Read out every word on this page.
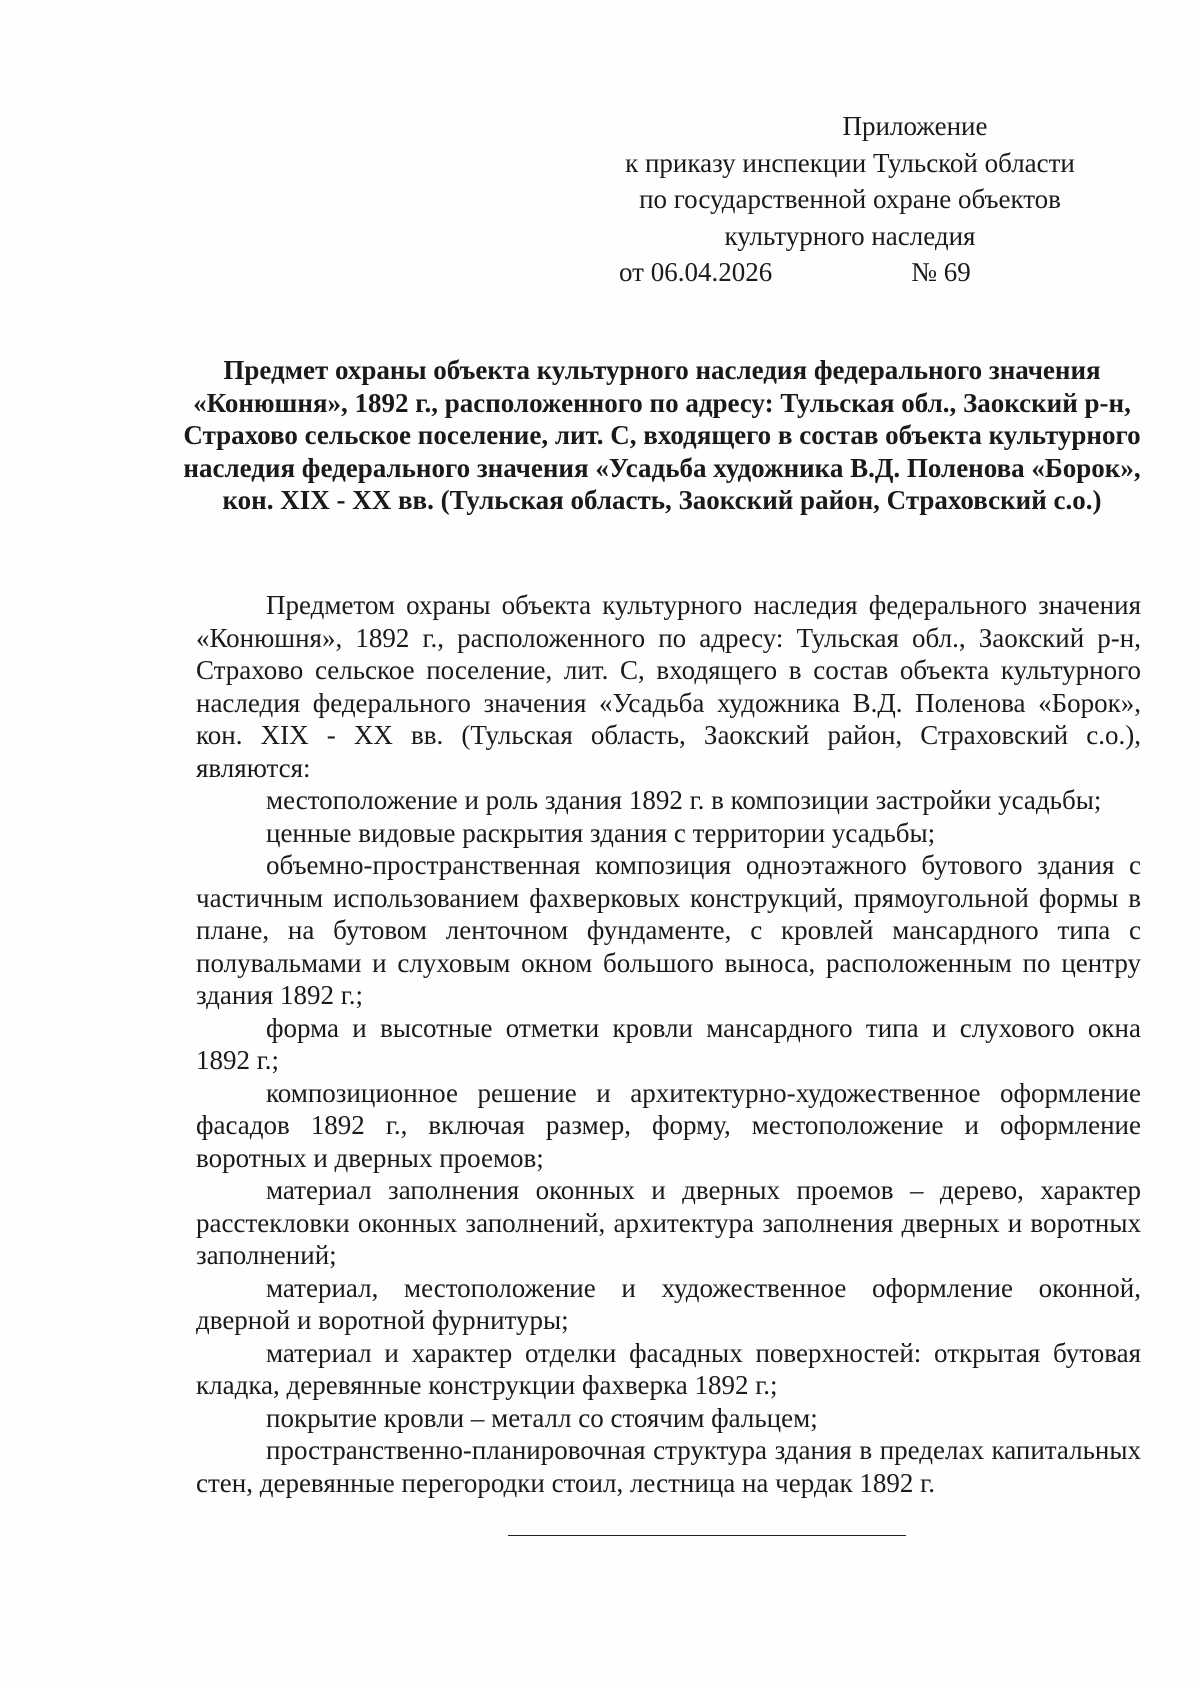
Приложение
к приказу инспекции Тульской области
по государственной охране объектов
культурного наследия
от 06.04.2026	№ 69
Предмет охраны объекта культурного наследия федерального значения «Конюшня», 1892 г., расположенного по адресу: Тульская обл., Заокский р-н, Страхово сельское поселение, лит. С, входящего в состав объекта культурного наследия федерального значения «Усадьба художника В.Д. Поленова «Борок», кон. XIX - XX вв. (Тульская область, Заокский район, Страховский с.о.)

Предметом охраны объекта культурного наследия федерального значения «Конюшня», 1892 г., расположенного по адресу: Тульская обл., Заокский р-н, Страхово сельское поселение, лит. С, входящего в состав объекта культурного наследия федерального значения «Усадьба художника В.Д. Поленова «Борок», кон. XIX - XX вв. (Тульская область, Заокский район, Страховский с.о.), являются:

местоположение и роль здания 1892 г. в композиции застройки усадьбы;

ценные видовые раскрытия здания с территории усадьбы;

объемно-пространственная композиция одноэтажного бутового здания с частичным использованием фахверковых конструкций, прямоугольной формы в плане, на бутовом ленточном фундаменте, с кровлей мансардного типа с полувальмами и слуховым окном большого выноса, расположенным по центру здания 1892 г.;

форма и высотные отметки кровли мансардного типа и слухового окна 1892 г.;

композиционное решение и архитектурно-художественное оформление фасадов 1892 г., включая размер, форму, местоположение и оформление воротных и дверных проемов;

материал заполнения оконных и дверных проемов – дерево, характер расстекловки оконных заполнений, архитектура заполнения дверных и воротных заполнений;

материал, местоположение и художественное оформление оконной, дверной и воротной фурнитуры;

материал и характер отделки фасадных поверхностей: открытая бутовая кладка, деревянные конструкции фахверка 1892 г.;

покрытие кровли – металл со стоячим фальцем;

пространственно-планировочная структура здания в пределах капитальных стен, деревянные перегородки стоил, лестница на чердак 1892 г.
